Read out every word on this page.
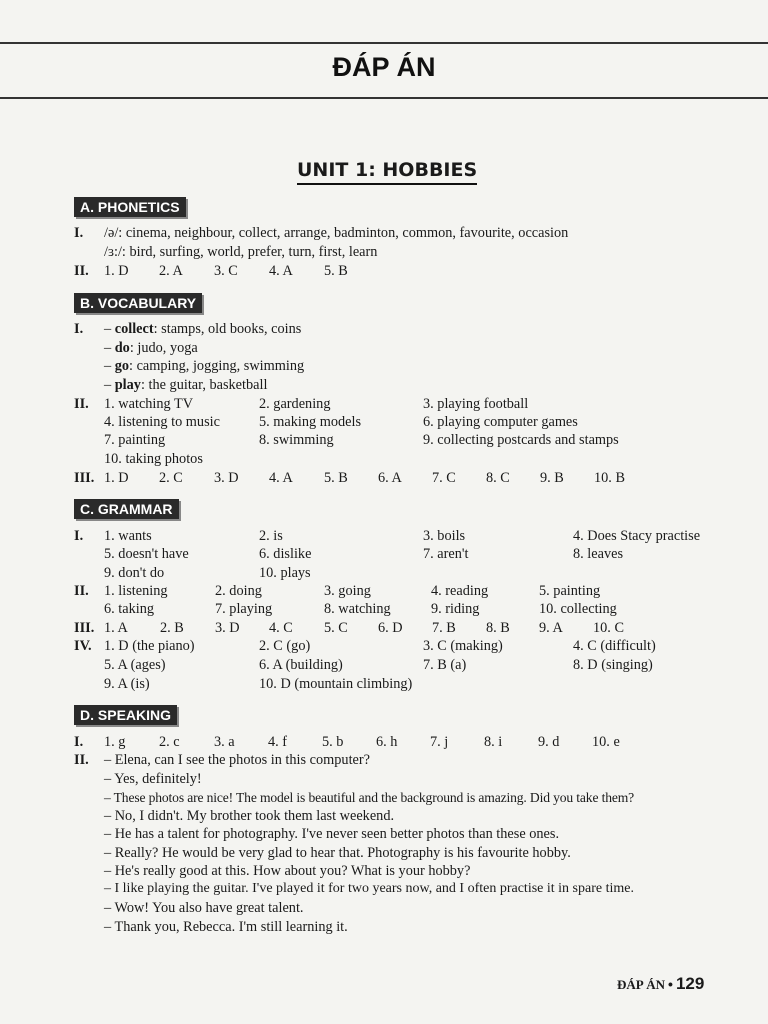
ĐÁP ÁN
UNIT 1: HOBBIES
A. PHONETICS
I. /ə/: cinema, neighbour, collect, arrange, badminton, common, favourite, occasion
/ɜ:/: bird, surfing, world, prefer, turn, first, learn
II. 1. D 2. A 3. C 4. A 5. B
B. VOCABULARY
I. – collect: stamps, old books, coins
– do: judo, yoga
– go: camping, jogging, swimming
– play: the guitar, basketball
II. 1. watching TV	2. gardening	3. playing football
4. listening to music	5. making models	6. playing computer games
7. painting	8. swimming	9. collecting postcards and stamps
10. taking photos
III. 1. D 2. C 3. D 4. A 5. B 6. A 7. C 8. C 9. B 10. B
C. GRAMMAR
I. 1. wants	2. is	3. boils	4. Does Stacy practise
5. doesn't have	6. dislike	7. aren't	8. leaves
9. don't do	10. plays
II. 1. listening	2. doing	3. going	4. reading	5. painting
6. taking	7. playing	8. watching	9. riding	10. collecting
III. 1. A 2. B 3. D 4. C 5. C 6. D 7. B 8. B 9. A 10. C
IV. 1. D (the piano)	2. C (go)	3. C (making)	4. C (difficult)
5. A (ages)	6. A (building)	7. B (a)	8. D (singing)
9. A (is)	10. D (mountain climbing)
D. SPEAKING
I. 1. g 2. c 3. a 4. f 5. b 6. h 7. j 8. i 9. d 10. e
II. – Elena, can I see the photos in this computer?
– Yes, definitely!
– These photos are nice! The model is beautiful and the background is amazing. Did you take them?
– No, I didn't. My brother took them last weekend.
– He has a talent for photography. I've never seen better photos than these ones.
– Really? He would be very glad to hear that. Photography is his favourite hobby.
– He's really good at this. How about you? What is your hobby?
– I like playing the guitar. I've played it for two years now, and I often practise it in spare time.
– Wow! You also have great talent.
– Thank you, Rebecca. I'm still learning it.
ĐÁP ÁN • 129
